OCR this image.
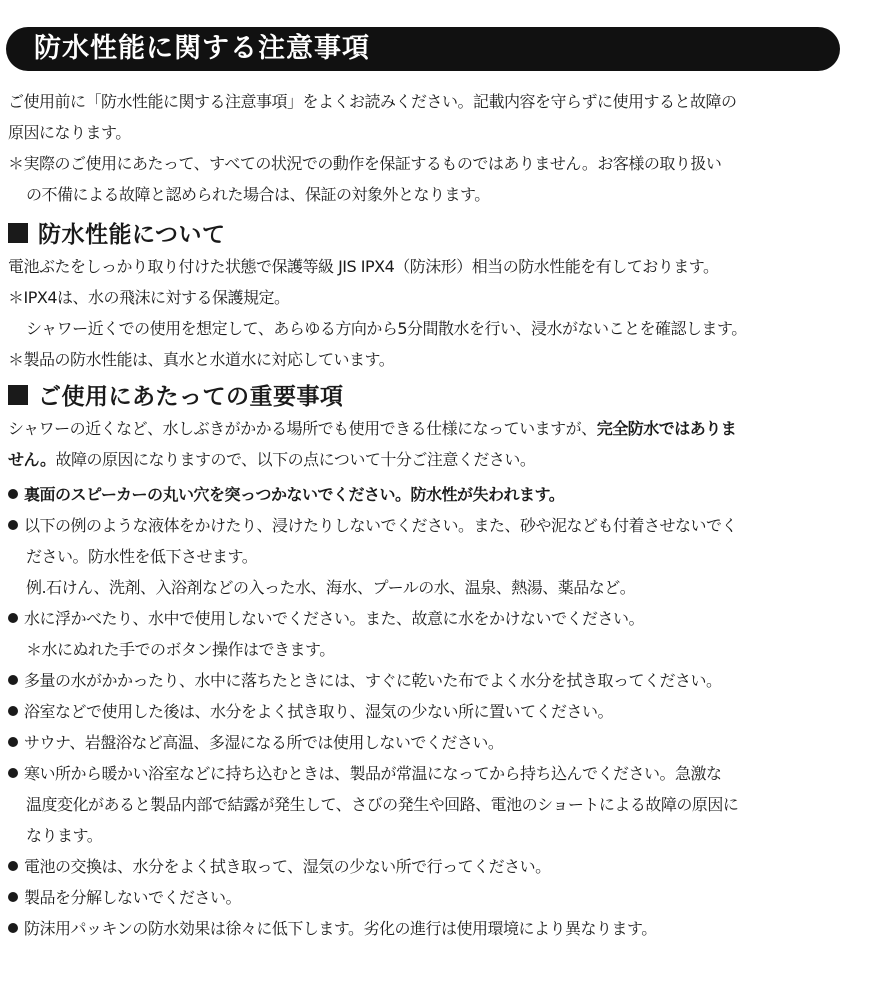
防水性能に関する注意事項
ご使用前に「防水性能に関する注意事項」をよくお読みください。記載内容を守らずに使用すると故障の
原因になります。
＊実際のご使用にあたって、すべての状況での動作を保証するものではありません。お客様の取り扱い
の不備による故障と認められた場合は、保証の対象外となります。
防水性能について
電池ぶたをしっかり取り付けた状態で保護等級 JIS IPX4（防沫形）相当の防水性能を有しております。
＊IPX4は、水の飛沫に対する保護規定。
シャワー近くでの使用を想定して、あらゆる方向から5分間散水を行い、浸水がないことを確認します。
＊製品の防水性能は、真水と水道水に対応しています。
ご使用にあたっての重要事項
シャワーの近くなど、水しぶきがかかる場所でも使用できる仕様になっていますが、完全防水ではありま
せん。故障の原因になりますので、以下の点について十分ご注意ください。
裏面のスピーカーの丸い穴を突っつかないでください。防水性が失われます。
以下の例のような液体をかけたり、浸けたりしないでください。また、砂や泥なども付着させないでく
ださい。防水性を低下させます。
例.石けん、洗剤、入浴剤などの入った水、海水、プールの水、温泉、熱湯、薬品など。
水に浮かべたり、水中で使用しないでください。また、故意に水をかけないでください。
＊水にぬれた手でのボタン操作はできます。
多量の水がかかったり、水中に落ちたときには、すぐに乾いた布でよく水分を拭き取ってください。
浴室などで使用した後は、水分をよく拭き取り、湿気の少ない所に置いてください。
サウナ、岩盤浴など高温、多湿になる所では使用しないでください。
寒い所から暖かい浴室などに持ち込むときは、製品が常温になってから持ち込んでください。急激な
温度変化があると製品内部で結露が発生して、さびの発生や回路、電池のショートによる故障の原因に
なります。
電池の交換は、水分をよく拭き取って、湿気の少ない所で行ってください。
製品を分解しないでください。
防沫用パッキンの防水効果は徐々に低下します。劣化の進行は使用環境により異なります。
